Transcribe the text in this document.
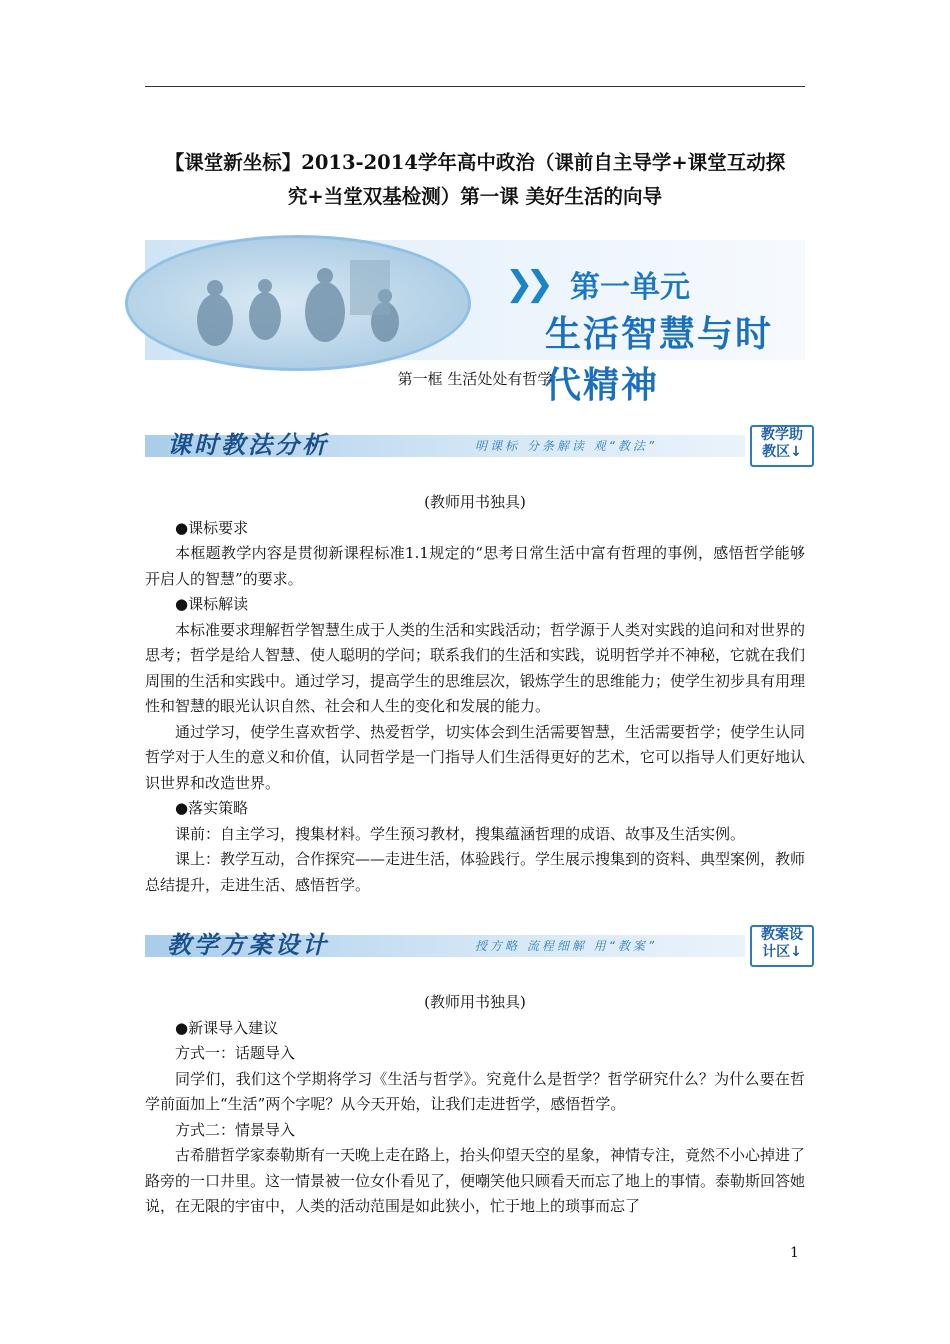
【课堂新坐标】2013-2014学年高中政治（课前自主导学+课堂互动探
究+当堂双基检测）第一课 美好生活的向导
❯❯ 第一单元
生活智慧与时代精神
第一框 生活处处有哲学
课时教法分析	明课标 分条解读 观“教法”
教学助
教区↓
(教师用书独具)

●课标要求

本框题教学内容是贯彻新课程标准1.1规定的“思考日常生活中富有哲理的事例，感悟哲学能够开启人的智慧”的要求。

●课标解读

本标准要求理解哲学智慧生成于人类的生活和实践活动；哲学源于人类对实践的追问和对世界的思考；哲学是给人智慧、使人聪明的学问；联系我们的生活和实践，说明哲学并不神秘，它就在我们周围的生活和实践中。通过学习，提高学生的思维层次，锻炼学生的思维能力；使学生初步具有用理性和智慧的眼光认识自然、社会和人生的变化和发展的能力。

通过学习，使学生喜欢哲学、热爱哲学，切实体会到生活需要智慧，生活需要哲学；使学生认同哲学对于人生的意义和价值，认同哲学是一门指导人们生活得更好的艺术，它可以指导人们更好地认识世界和改造世界。

●落实策略

课前：自主学习，搜集材料。学生预习教材，搜集蕴涵哲理的成语、故事及生活实例。

课上：教学互动，合作探究——走进生活，体验践行。学生展示搜集到的资料、典型案例，教师总结提升，走进生活、感悟哲学。

教学方案设计	授方略 流程细解 用“教案”
教案设
计区↓
(教师用书独具)

●新课导入建议

方式一：话题导入

同学们，我们这个学期将学习《生活与哲学》。究竟什么是哲学？哲学研究什么？为什么要在哲学前面加上“生活”两个字呢？从今天开始，让我们走进哲学，感悟哲学。

方式二：情景导入

古希腊哲学家泰勒斯有一天晚上走在路上，抬头仰望天空的星象，神情专注，竟然不小心掉进了路旁的一口井里。这一情景被一位女仆看见了，便嘲笑他只顾看天而忘了地上的事情。泰勒斯回答她说，在无限的宇宙中，人类的活动范围是如此狭小，忙于地上的琐事而忘了

1
